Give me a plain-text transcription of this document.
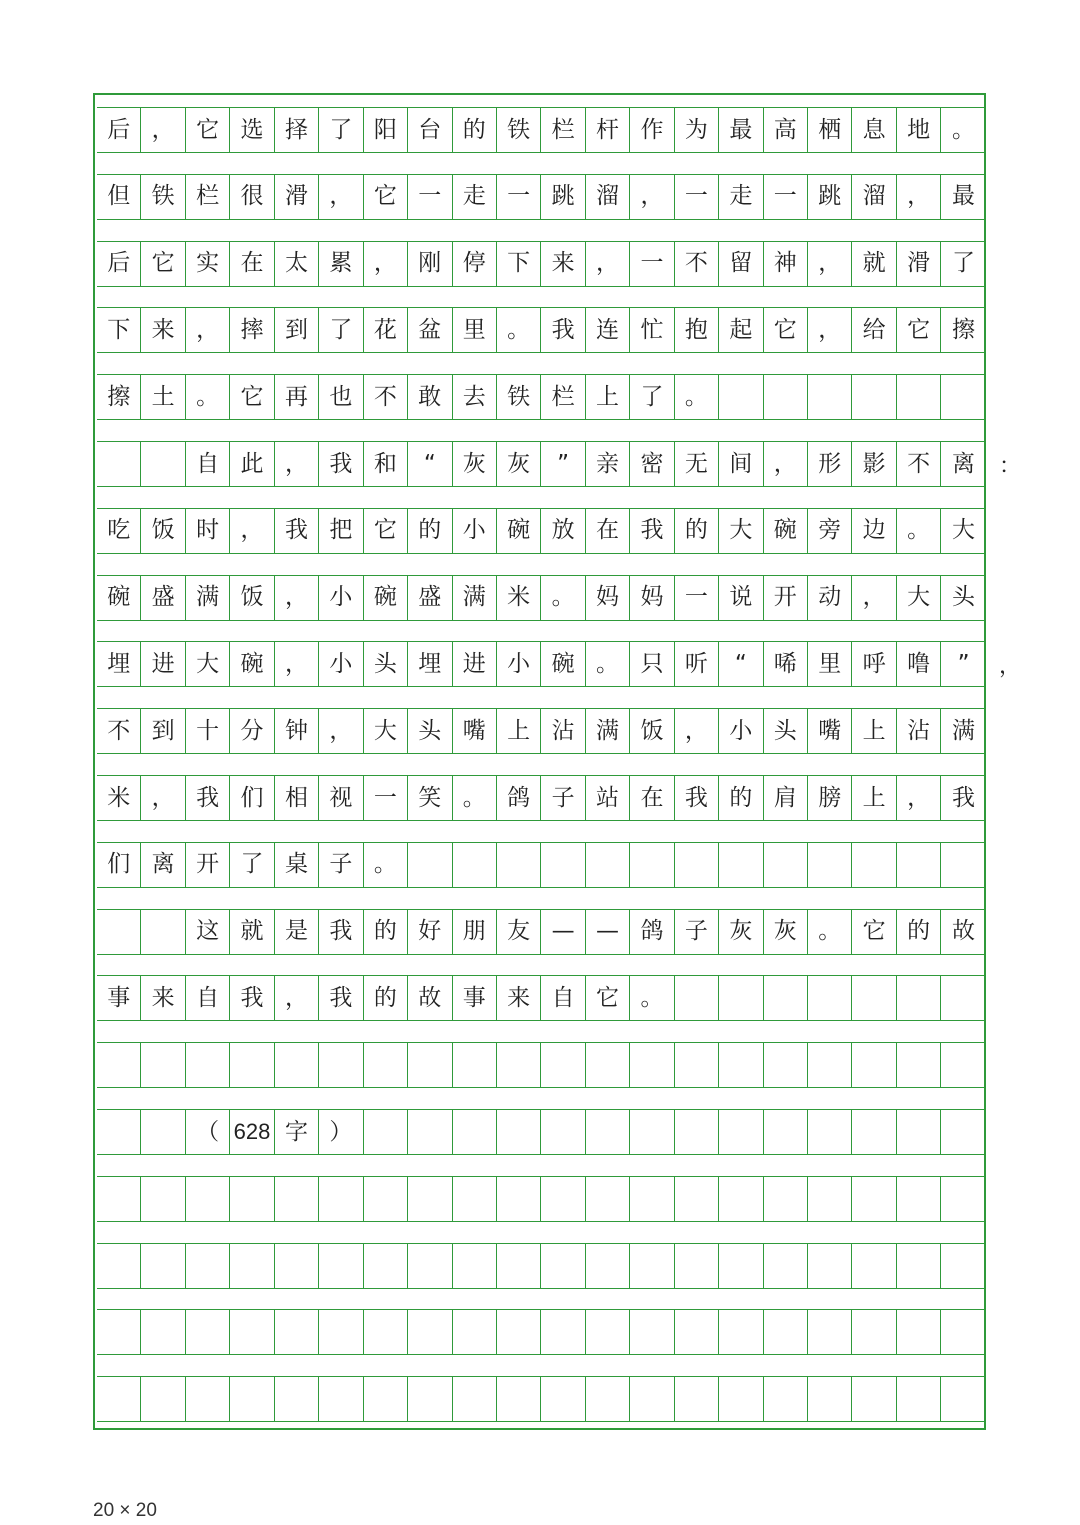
后 ， 它 选 择 了 阳 台 的 铁 栏 杆 作 为 最 高 栖 息 地 。
但 铁 栏 很 滑 ， 它 一 走 一 跳 溜 ， 一 走 一 跳 溜 ， 最
后 它 实 在 太 累 ， 刚 停 下 来 ， 一 不 留 神 ， 就 滑 了
下 来 ， 摔 到 了 花 盆 里 。 我 连 忙 抱 起 它 ， 给 它 擦
擦 土 。 它 再 也 不 敢 去 铁 栏 上 了 。
自 此 ， 我 和	“	灰 灰	”	亲 密 无 间 ， 形 影 不 离
吃 饭 时 ， 我 把 它 的 小 碗 放 在 我 的 大 碗 旁 边 。 大
碗 盛 满 饭 ， 小 碗 盛 满 米 。 妈 妈 一 说 开 动 ， 大 头
埋 进 大 碗 ， 小 头 埋 进 小 碗 。 只 听	“	唏 里 呼 噜	”
不 到 十 分 钟 ， 大 头 嘴 上 沾 满 饭 ， 小 头 嘴 上 沾 满
米 ， 我 们 相 视 一 笑 。 鸽 子 站 在 我 的 肩 膀 上 ， 我
们 离 开 了 桌 子 。
这 就 是 我 的 好 朋 友 — — 鸽 子 灰 灰 。 它 的 故
事 来 自 我 ， 我 的 故 事 来 自 它 。
（ 628 字 ）
：
，
20 × 20
